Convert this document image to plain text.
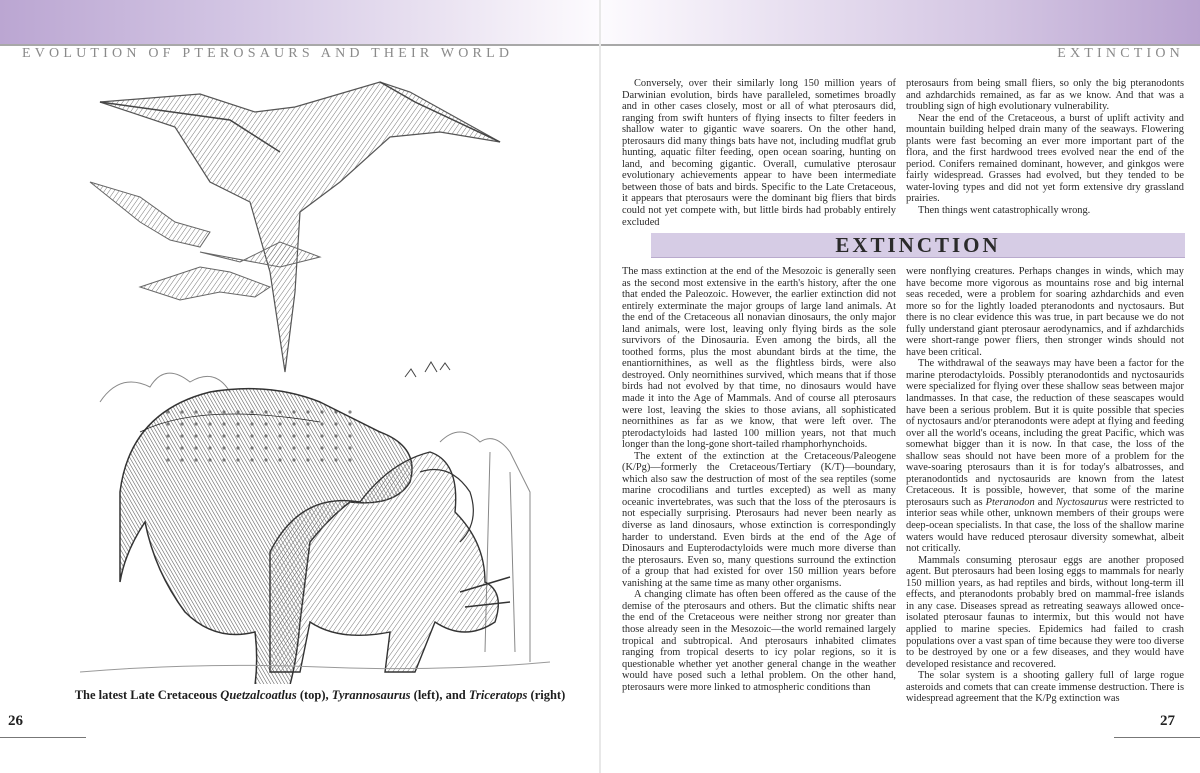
EVOLUTION OF PTEROSAURS AND THEIR WORLD	EXTINCTION
The latest Late Cretaceous Quetzalcoatlus (top), Tyrannosaurus (left), and Triceratops (right)
26	27

Conversely, over their similarly long 150 million years of Darwinian evolution, birds have paralleled, sometimes broadly and in other cases closely, most or all of what pterosaurs did, ranging from swift hunters of flying insects to filter feeders in shallow water to gigantic wave soarers. On the other hand, pterosaurs did many things bats have not, including mudflat grub hunting, aquatic filter feeding, open ocean soaring, hunting on land, and becoming gigantic. Overall, cumulative pterosaur evolutionary achievements appear to have been intermediate between those of bats and birds. Specific to the Late Cretaceous, it appears that pterosaurs were the dominant big fliers that birds could not yet compete with, but little birds had probably entirely excluded

pterosaurs from being small fliers, so only the big pteranodonts and azhdarchids remained, as far as we know. And that was a troubling sign of high evolutionary vulnerability.

Near the end of the Cretaceous, a burst of uplift activity and mountain building helped drain many of the seaways. Flowering plants were fast becoming an ever more important part of the flora, and the first hardwood trees evolved near the end of the period. Conifers remained dominant, however, and ginkgos were fairly widespread. Grasses had evolved, but they tended to be water-loving types and did not yet form extensive dry grassland prairies.

Then things went catastrophically wrong.

EXTINCTION

The mass extinction at the end of the Mesozoic is generally seen as the second most extensive in the earth's history, after the one that ended the Paleozoic. However, the earlier extinction did not entirely exterminate the major groups of large land animals. At the end of the Cretaceous all nonavian dinosaurs, the only major land animals, were lost, leaving only flying birds as the sole survivors of the Dinosauria. Even among the birds, all the toothed forms, plus the most abundant birds at the time, the enantiornithines, as well as the flightless birds, were also destroyed. Only neornithines survived, which means that if those birds had not evolved by that time, no dinosaurs would have made it into the Age of Mammals. And of course all pterosaurs were lost, leaving the skies to those avians, all sophisticated neornithines as far as we know, that were left over. The pterodactyloids had lasted 100 million years, not that much longer than the long-gone short-tailed rhamphorhynchoids.

The extent of the extinction at the Cretaceous/Paleogene (K/Pg)—formerly the Cretaceous/Tertiary (K/T)—boundary, which also saw the destruction of most of the sea reptiles (some marine crocodilians and turtles excepted) as well as many oceanic invertebrates, was such that the loss of the pterosaurs is not especially surprising. Pterosaurs had never been nearly as diverse as land dinosaurs, whose extinction is correspondingly harder to understand. Even birds at the end of the Age of Dinosaurs and Eupterodactyloids were much more diverse than the pterosaurs. Even so, many questions surround the extinction of a group that had existed for over 150 million years before vanishing at the same time as many other organisms.

A changing climate has often been offered as the cause of the demise of the pterosaurs and others. But the climatic shifts near the end of the Cretaceous were neither strong nor greater than those already seen in the Mesozoic—the world remained largely tropical and subtropical. And pterosaurs inhabited climates ranging from tropical deserts to icy polar regions, so it is questionable whether yet another general change in the weather would have posed such a lethal problem. On the other hand, pterosaurs were more linked to atmospheric conditions than

were nonflying creatures. Perhaps changes in winds, which may have become more vigorous as mountains rose and big internal seas receded, were a problem for soaring azhdarchids and even more so for the lightly loaded pteranodonts and nyctosaurs. But there is no clear evidence this was true, in part because we do not fully understand giant pterosaur aerodynamics, and if azhdarchids were short-range power fliers, then stronger winds should not have been critical.

The withdrawal of the seaways may have been a factor for the marine pterodactyloids. Possibly pteranodontids and nyctosaurids were specialized for flying over these shallow seas between major landmasses. In that case, the reduction of these seascapes would have been a serious problem. But it is quite possible that species of nyctosaurs and/or pteranodonts were adept at flying and feeding over all the world's oceans, including the great Pacific, which was somewhat bigger than it is now. In that case, the loss of the shallow seas should not have been more of a problem for the wave-soaring pterosaurs than it is for today's albatrosses, and pteranodontids and nyctosaurids are known from the latest Cretaceous. It is possible, however, that some of the marine pterosaurs such as Pteranodon and Nyctosaurus were restricted to interior seas while other, unknown members of their groups were deep-ocean specialists. In that case, the loss of the shallow marine waters would have reduced pterosaur diversity somewhat, albeit not critically.

Mammals consuming pterosaur eggs are another proposed agent. But pterosaurs had been losing eggs to mammals for nearly 150 million years, as had reptiles and birds, without long-term ill effects, and pteranodonts probably bred on mammal-free islands in any case. Diseases spread as retreating seaways allowed once-isolated pterosaur faunas to intermix, but this would not have applied to marine species. Epidemics had failed to crash populations over a vast span of time because they were too diverse to be destroyed by one or a few diseases, and they would have developed resistance and recovered.

The solar system is a shooting gallery full of large rogue asteroids and comets that can create immense destruction. There is widespread agreement that the K/Pg extinction was
